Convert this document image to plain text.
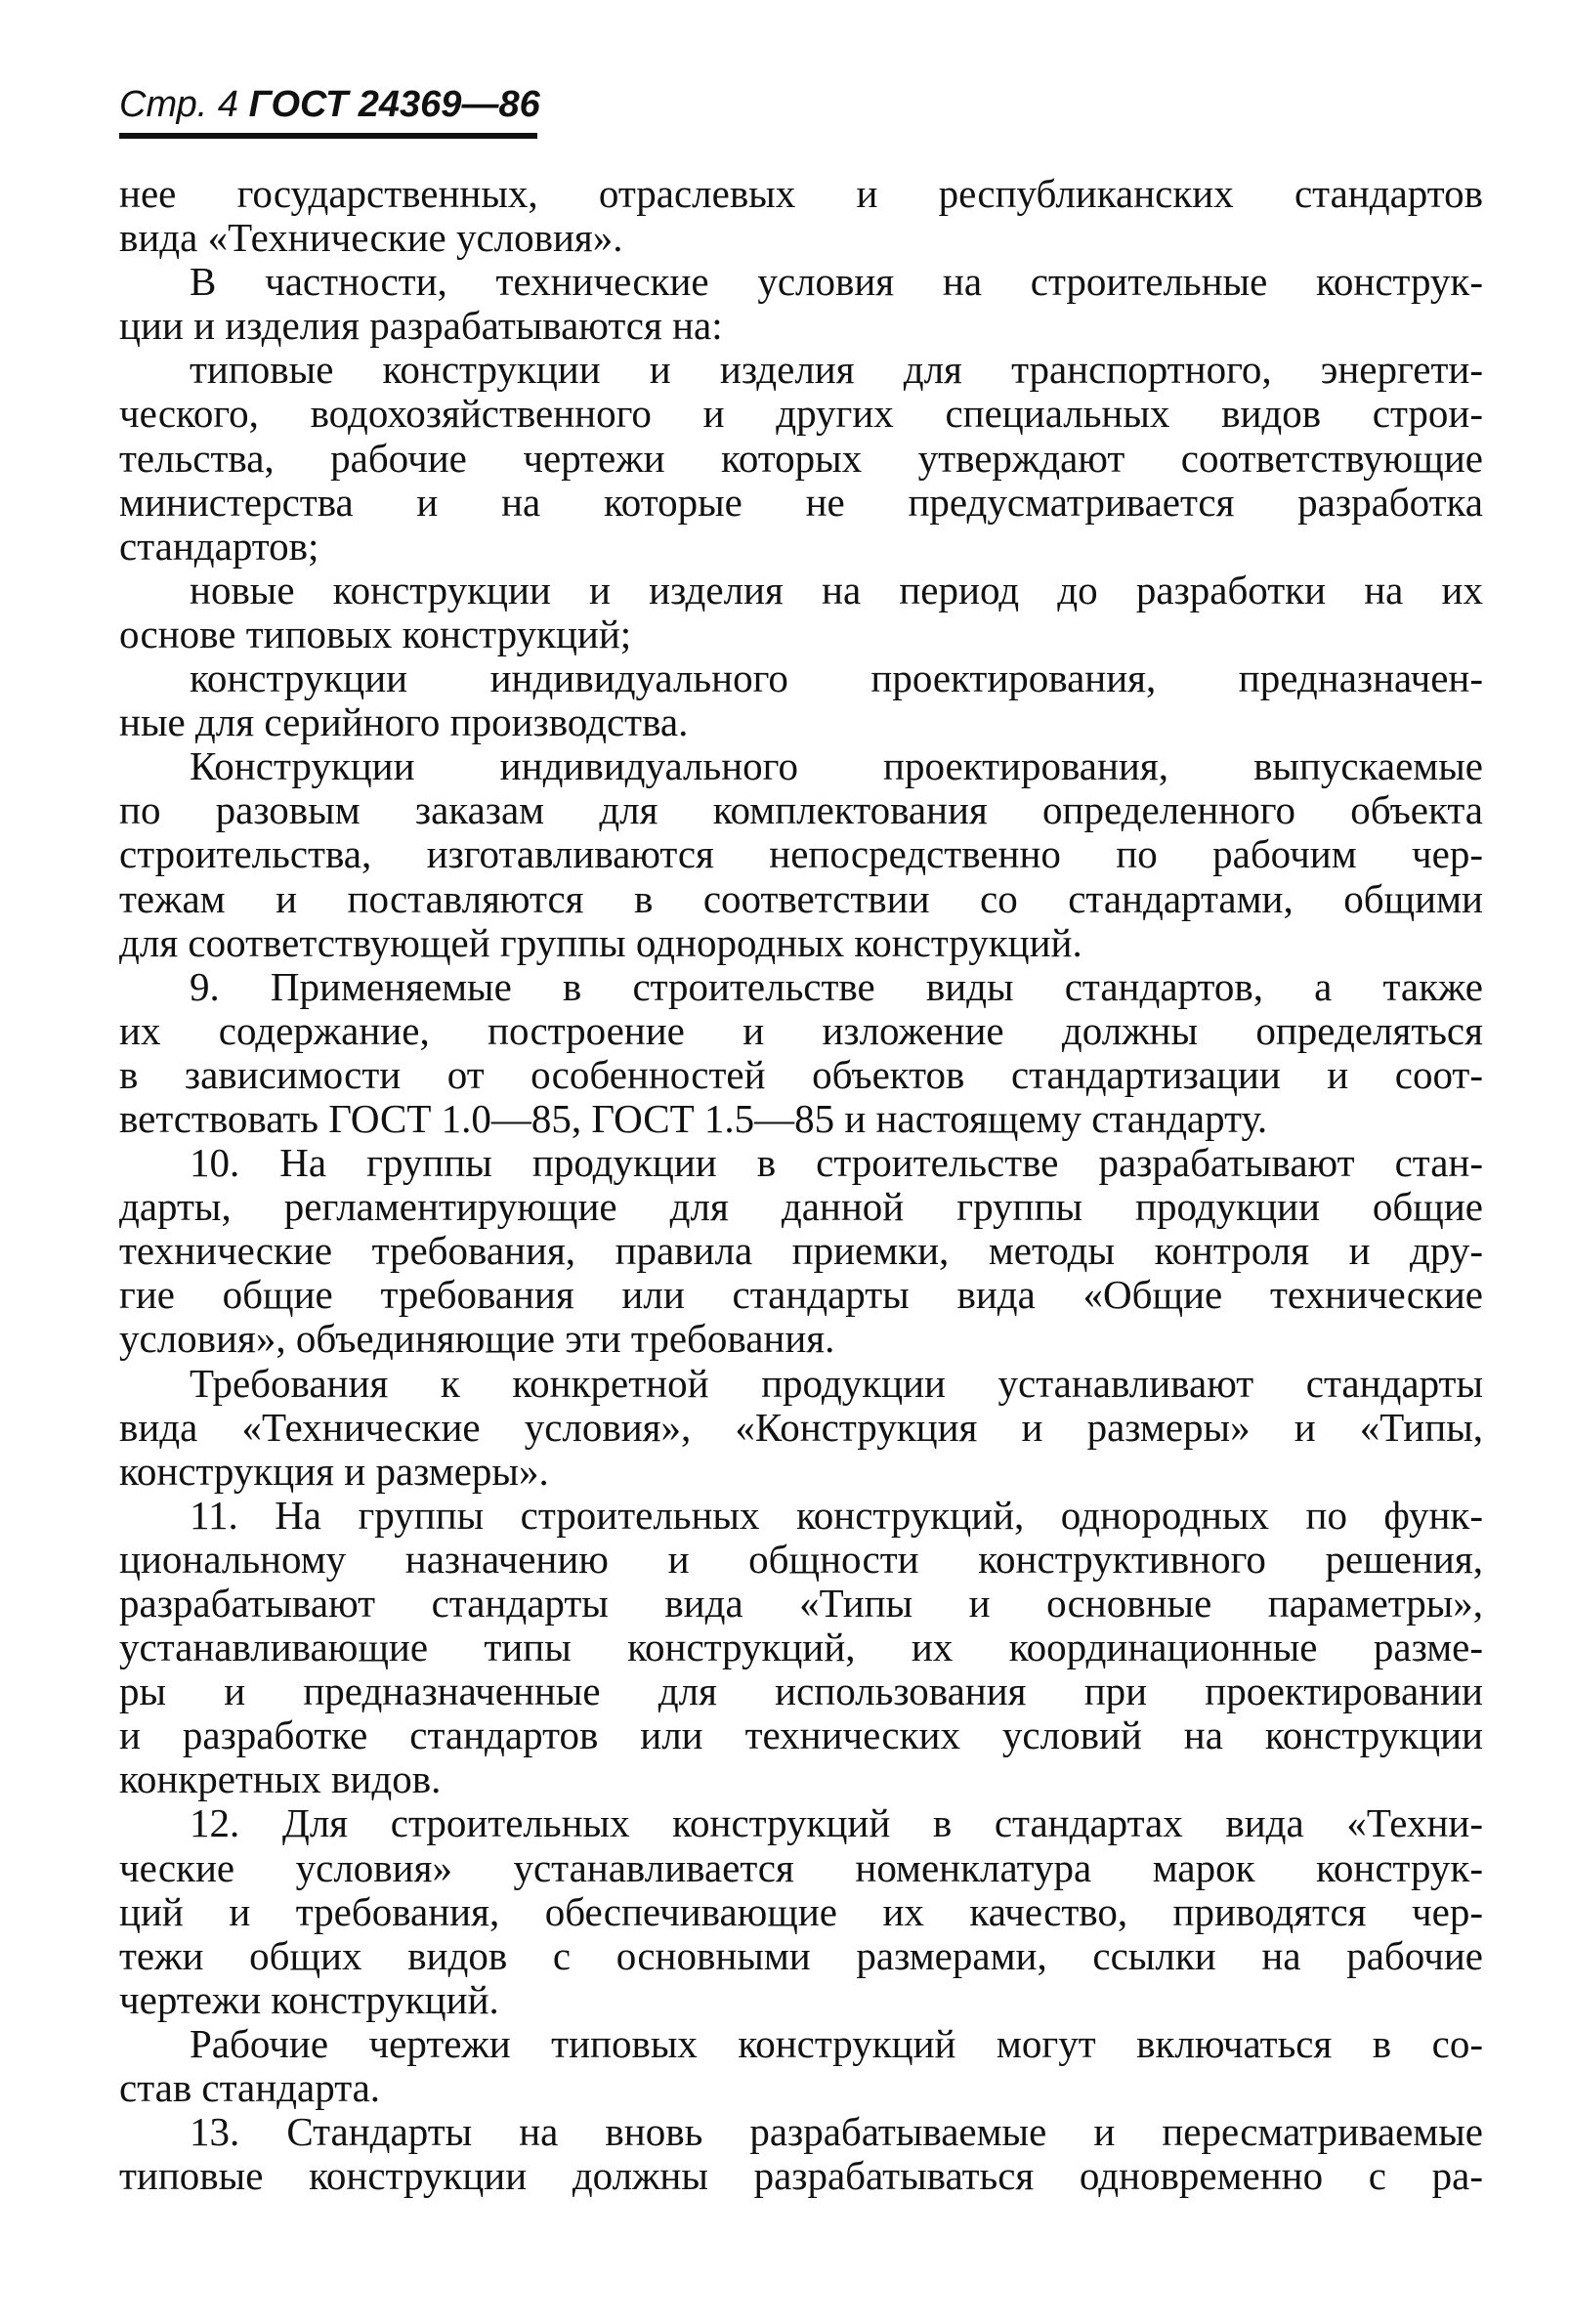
Стр. 4 ГОСТ 24369—86
нее государственных, отраслевых и республиканских стандартов
вида «Технические условия».
В частности, технические условия на строительные конструк-
ции и изделия разрабатываются на:
типовые конструкции и изделия для транспортного, энергети-
ческого, водохозяйственного и других специальных видов строи-
тельства, рабочие чертежи которых утверждают соответствующие
министерства и на которые не предусматривается разработка
стандартов;
новые конструкции и изделия на период до разработки на их
основе типовых конструкций;
конструкции индивидуального проектирования, предназначен-
ные для серийного производства.
Конструкции индивидуального проектирования, выпускаемые
по разовым заказам для комплектования определенного объекта
строительства, изготавливаются непосредственно по рабочим чер-
тежам и поставляются в соответствии со стандартами, общими
для соответствующей группы однородных конструкций.
9. Применяемые в строительстве виды стандартов, а также
их содержание, построение и изложение должны определяться
в зависимости от особенностей объектов стандартизации и соот-
ветствовать ГОСТ 1.0—85, ГОСТ 1.5—85 и настоящему стандарту.
10. На группы продукции в строительстве разрабатывают стан-
дарты, регламентирующие для данной группы продукции общие
технические требования, правила приемки, методы контроля и дру-
гие общие требования или стандарты вида «Общие технические
условия», объединяющие эти требования.
Требования к конкретной продукции устанавливают стандарты
вида «Технические условия», «Конструкция и размеры» и «Типы,
конструкция и размеры».
11. На группы строительных конструкций, однородных по функ-
циональному назначению и общности конструктивного решения,
разрабатывают стандарты вида «Типы и основные параметры»,
устанавливающие типы конструкций, их координационные разме-
ры и предназначенные для использования при проектировании
и разработке стандартов или технических условий на конструкции
конкретных видов.
12. Для строительных конструкций в стандартах вида «Техни-
ческие условия» устанавливается номенклатура марок конструк-
ций и требования, обеспечивающие их качество, приводятся чер-
тежи общих видов с основными размерами, ссылки на рабочие
чертежи конструкций.
Рабочие чертежи типовых конструкций могут включаться в со-
став стандарта.
13. Стандарты на вновь разрабатываемые и пересматриваемые
типовые конструкции должны разрабатываться одновременно с ра-
